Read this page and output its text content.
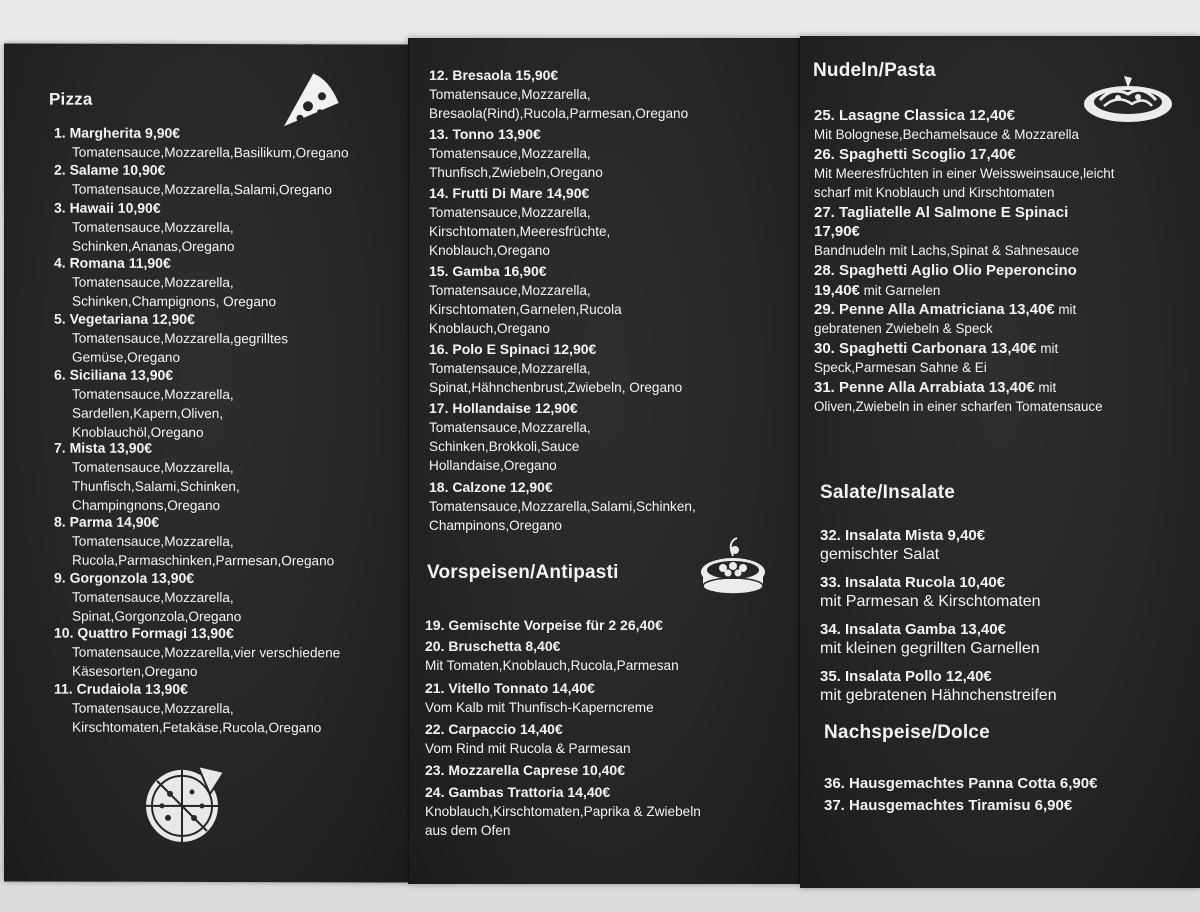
Pizza
1. Margherita 9,90€
Tomatensauce,Mozzarella,Basilikum,Oregano
2. Salame 10,90€
Tomatensauce,Mozzarella,Salami,Oregano
3. Hawaii 10,90€
Tomatensauce,Mozzarella,
Schinken,Ananas,Oregano
4. Romana 11,90€
Tomatensauce,Mozzarella,
Schinken,Champignons, Oregano
5. Vegetariana 12,90€
Tomatensauce,Mozzarella,gegrilltes
Gemüse,Oregano
6. Siciliana 13,90€
Tomatensauce,Mozzarella,
Sardellen,Kapern,Oliven,
Knoblauchöl,Oregano
7. Mista 13,90€
Tomatensauce,Mozzarella,
Thunfisch,Salami,Schinken,
Champingnons,Oregano
8. Parma 14,90€
Tomatensauce,Mozzarella,
Rucola,Parmaschinken,Parmesan,Oregano
9. Gorgonzola 13,90€
Tomatensauce,Mozzarella,
Spinat,Gorgonzola,Oregano
10. Quattro Formagi 13,90€
Tomatensauce,Mozzarella,vier verschiedene
Käsesorten,Oregano
11. Crudaiola 13,90€
Tomatensauce,Mozzarella,
Kirschtomaten,Fetakäse,Rucola,Oregano
12. Bresaola 15,90€
Tomatensauce,Mozzarella,
Bresaola(Rind),Rucola,Parmesan,Oregano
13. Tonno 13,90€
Tomatensauce,Mozzarella,
Thunfisch,Zwiebeln,Oregano
14. Frutti Di Mare 14,90€
Tomatensauce,Mozzarella,
Kirschtomaten,Meeresfrüchte,
Knoblauch,Oregano
15. Gamba 16,90€
Tomatensauce,Mozzarella,
Kirschtomaten,Garnelen,Rucola
Knoblauch,Oregano
16. Polo E Spinaci 12,90€
Tomatensauce,Mozzarella,
Spinat,Hähnchenbrust,Zwiebeln, Oregano
17. Hollandaise 12,90€
Tomatensauce,Mozzarella,
Schinken,Brokkoli,Sauce
Hollandaise,Oregano
18. Calzone 12,90€
Tomatensauce,Mozzarella,Salami,Schinken,
Champinons,Oregano
Vorspeisen/Antipasti
19. Gemischte Vorpeise für 2 26,40€
20. Bruschetta 8,40€
Mit Tomaten,Knoblauch,Rucola,Parmesan
21. Vitello Tonnato 14,40€
Vom Kalb mit Thunfisch-Kaperncreme
22. Carpaccio 14,40€
Vom Rind mit Rucola & Parmesan
23. Mozzarella Caprese 10,40€
24. Gambas Trattoria 14,40€
Knoblauch,Kirschtomaten,Paprika & Zwiebeln
aus dem Ofen
Nudeln/Pasta
25. Lasagne Classica 12,40€
Mit Bolognese,Bechamelsauce & Mozzarella
26. Spaghetti Scoglio 17,40€
Mit Meeresfrüchten in einer Weissweinsauce,leicht
scharf mit Knoblauch und Kirschtomaten
27. Tagliatelle Al Salmone E Spinaci
17,90€
Bandnudeln mit Lachs,Spinat & Sahnesauce
28. Spaghetti Aglio Olio Peperoncino
19,40€ mit Garnelen
29. Penne Alla Amatriciana 13,40€ mit
gebratenen Zwiebeln & Speck
30. Spaghetti Carbonara 13,40€ mit
Speck,Parmesan Sahne & Ei
31. Penne Alla Arrabiata 13,40€ mit
Oliven,Zwiebeln in einer scharfen Tomatensauce
Salate/Insalate
32. Insalata Mista 9,40€
gemischter Salat
33. Insalata Rucola 10,40€
mit Parmesan & Kirschtomaten
34. Insalata Gamba 13,40€
mit kleinen gegrillten Garnellen
35. Insalata Pollo 12,40€
mit gebratenen Hähnchenstreifen
Nachspeise/Dolce
36. Hausgemachtes Panna Cotta 6,90€
37. Hausgemachtes Tiramisu 6,90€
